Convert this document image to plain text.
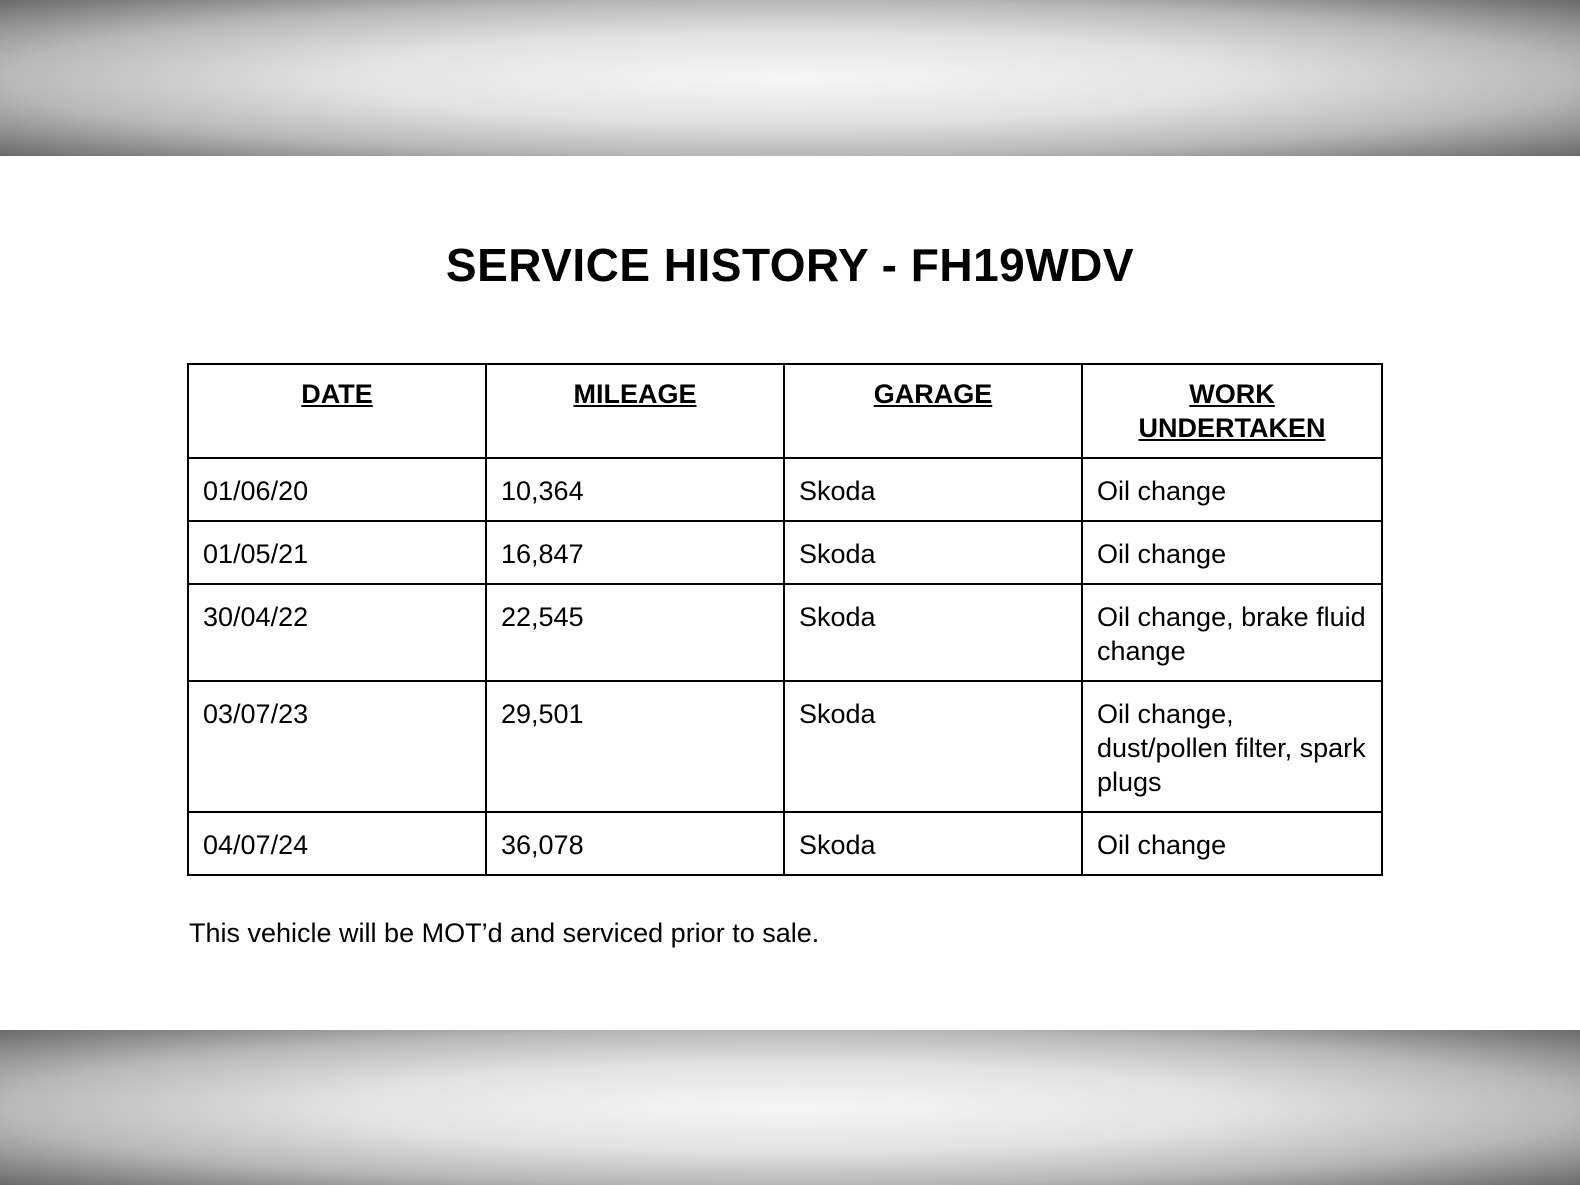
SERVICE HISTORY - FH19WDV
DATE	MILEAGE	GARAGE	WORK UNDERTAKEN
01/06/20	10,364	Skoda	Oil change
01/05/21	16,847	Skoda	Oil change
30/04/22	22,545	Skoda	Oil change, brake fluid change
03/07/23	29,501	Skoda	Oil change, dust/pollen filter, spark plugs
04/07/24	36,078	Skoda	Oil change

This vehicle will be MOT’d and serviced prior to sale.
